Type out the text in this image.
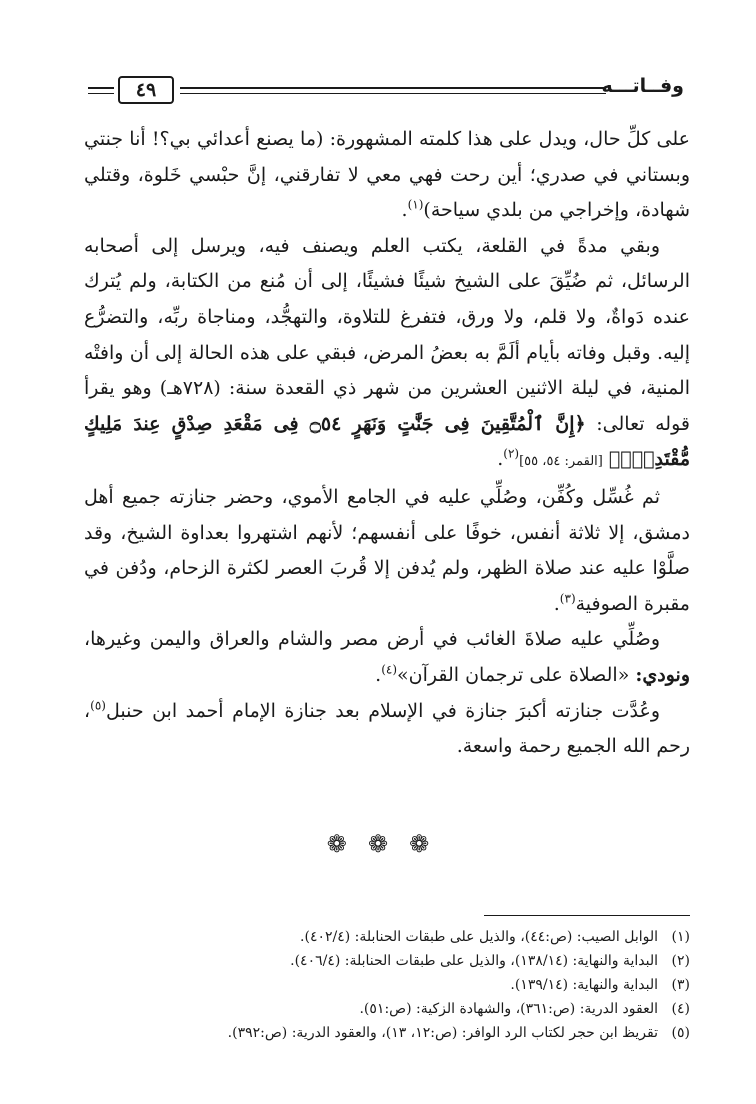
٤٩	وفــاتـــه

على كلِّ حال، ويدل على هذا كلمته المشهورة: (ما يصنع أعدائي بي؟! أنا جنتي وبستاني في صدري؛ أين رحت فهي معي لا تفارقني، إنَّ حبْسي خَلوة، وقتلي شهادة، وإخراجي من بلدي سياحة)$^{(١)}$.

وبقي مدةً في القلعة، يكتب العلم ويصنف فيه، ويرسل إلى أصحابه الرسائل، ثم ضُيِّقَ على الشيخ شيئًا فشيئًا، إلى أن مُنع من الكتابة، ولم يُترك عنده دَواةٌ، ولا قلم، ولا ورق، فتفرغ للتلاوة، والتهجُّد، ومناجاة ربِّه، والتضرُّع إليه. وقبل وفاته بأيام ألَمَّ به بعضُ المرض، فبقي على هذه الحالة إلى أن وافتْه المنية، في ليلة الاثنين العشرين من شهر ذي القعدة سنة: (٧٢٨هـ) وهو يقرأ قوله تعالى: ﴿إِنَّ ٱلْمُتَّقِينَ فِى جَنَّٰتٍ وَنَهَرٍ ۝٥٤ فِى مَقْعَدِ صِدْقٍ عِندَ مَلِيكٍ مُّقْتَدِرٍۭ﴾ [القمر: ٥٤، ٥٥]$^{(٢)}$.

ثم غُسِّل وكُفِّن، وصُلِّي عليه في الجامع الأموي، وحضر جنازته جميع أهل دمشق، إلا ثلاثة أنفس، خوفًا على أنفسهم؛ لأنهم اشتهروا بعداوة الشيخ، وقد صلَّوْا عليه عند صلاة الظهر، ولم يُدفن إلا قُربَ العصر لكثرة الزحام، ودُفن في مقبرة الصوفية$^{(٣)}$.

وصُلِّي عليه صلاةَ الغائب في أرض مصر والشام والعراق واليمن وغيرها، ونودي: «الصلاة على ترجمان القرآن»$^{(٤)}$.

وعُدَّت جنازته أكبرَ جنازة في الإسلام بعد جنازة الإمام أحمد ابن حنبل$^{(٥)}$، رحم الله الجميع رحمة واسعة.

❁ ❁ ❁
(١)
الوابل الصيب: (ص:٤٤)، والذيل على طبقات الحنابلة: (٤٠٢/٤).
(٢)
البداية والنهاية: (١٣٨/١٤)، والذيل على طبقات الحنابلة: (٤٠٦/٤).
(٣)
البداية والنهاية: (١٣٩/١٤).
(٤)
العقود الدرية: (ص:٣٦١)، والشهادة الزكية: (ص:٥١).
(٥)
تقريظ ابن حجر لكتاب الرد الوافر: (ص:١٢، ١٣)، والعقود الدرية: (ص:٣٩٢).
